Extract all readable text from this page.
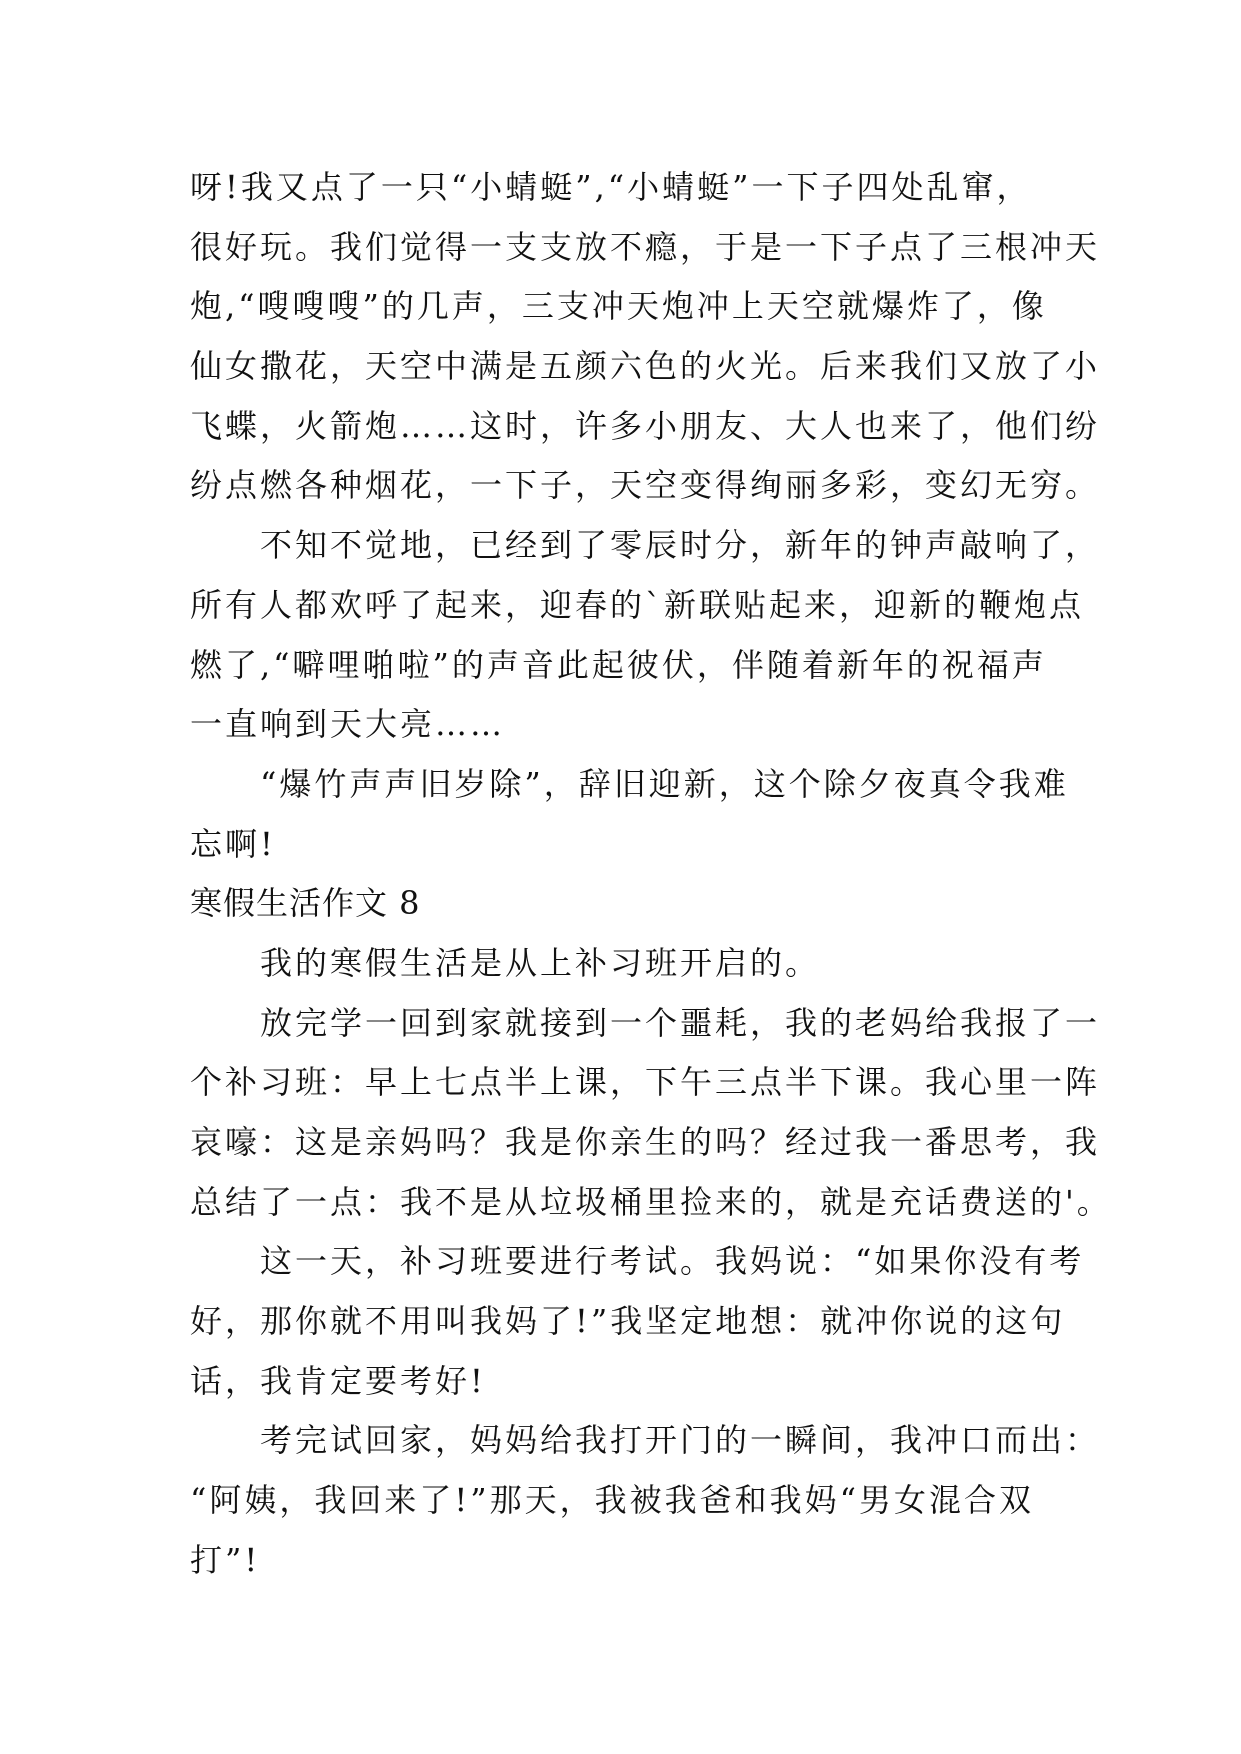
呀!我又点了一只“小蜻蜓”,“小蜻蜓”一下子四处乱窜，
很好玩。我们觉得一支支放不瘾，于是一下子点了三根冲天
炮,“嗖嗖嗖”的几声，三支冲天炮冲上天空就爆炸了，像
仙女撒花，天空中满是五颜六色的火光。后来我们又放了小
飞蝶，火箭炮……这时，许多小朋友、大人也来了，他们纷
纷点燃各种烟花，一下子，天空变得绚丽多彩，变幻无穷。
　　不知不觉地，已经到了零辰时分，新年的钟声敲响了，
所有人都欢呼了起来，迎春的`新联贴起来，迎新的鞭炮点
燃了,“噼哩啪啦”的声音此起彼伏，伴随着新年的祝福声
一直响到天大亮……
　　“爆竹声声旧岁除”，辞旧迎新，这个除夕夜真令我难
忘啊!
寒假生活作文 8
　　我的寒假生活是从上补习班开启的。
　　放完学一回到家就接到一个噩耗，我的老妈给我报了一
个补习班：早上七点半上课，下午三点半下课。我心里一阵
哀嚎：这是亲妈吗？我是你亲生的吗？经过我一番思考，我
总结了一点：我不是从垃圾桶里捡来的，就是充话费送的'。
　　这一天，补习班要进行考试。我妈说：“如果你没有考
好，那你就不用叫我妈了!”我坚定地想：就冲你说的这句
话，我肯定要考好!
　　考完试回家，妈妈给我打开门的一瞬间，我冲口而出：
“阿姨，我回来了!”那天，我被我爸和我妈“男女混合双
打”!
